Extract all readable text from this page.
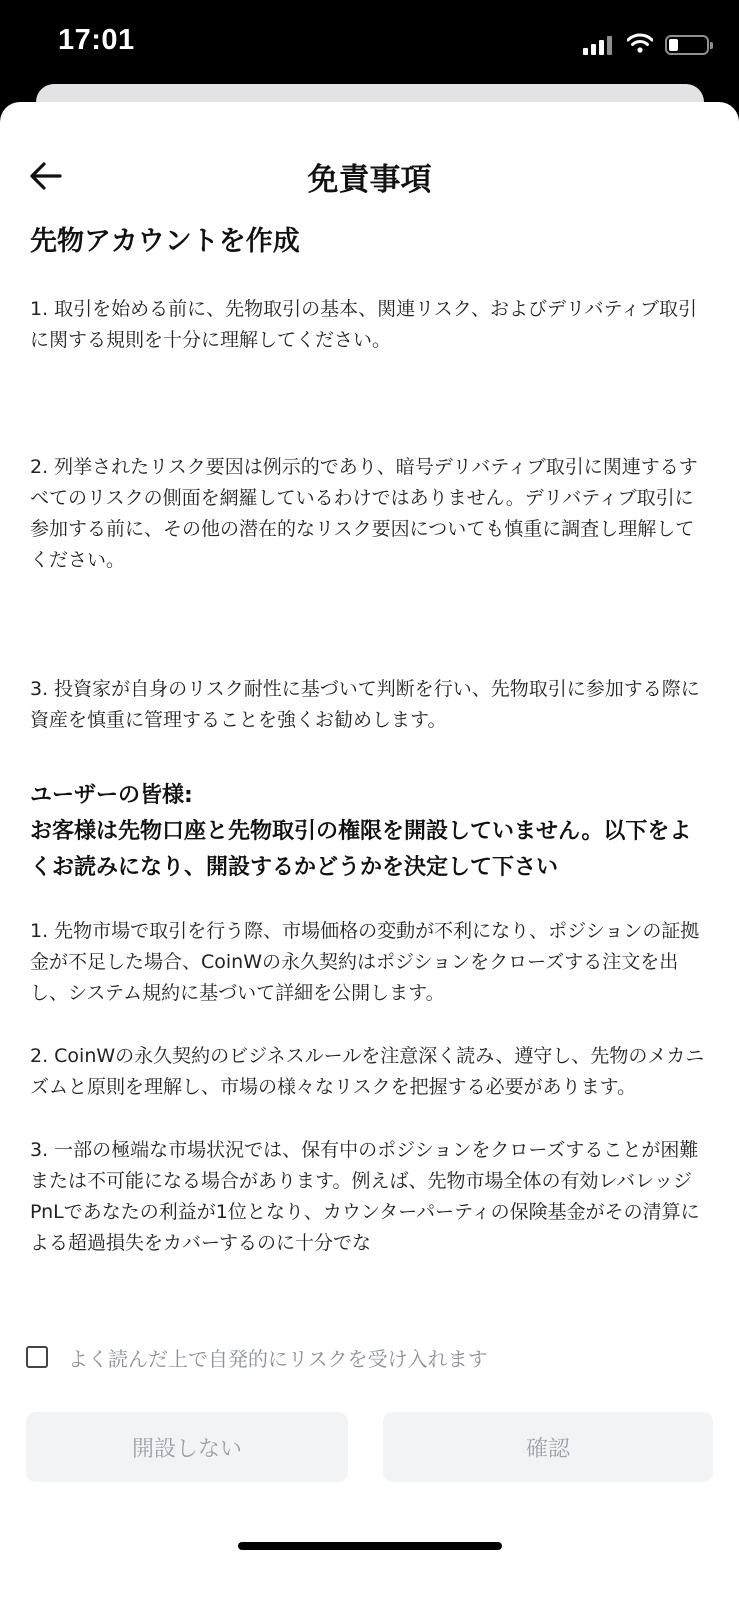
17:01
免責事項
先物アカウントを作成

1. 取引を始める前に、先物取引の基本、関連リスク、およびデリバティブ取引に関する規則を十分に理解してください。

2. 列挙されたリスク要因は例示的であり、暗号デリバティブ取引に関連するすべてのリスクの側面を網羅しているわけではありません。デリバティブ取引に参加する前に、その他の潜在的なリスク要因についても慎重に調査し理解してください。

3. 投資家が自身のリスク耐性に基づいて判断を行い、先物取引に参加する際に資産を慎重に管理することを強くお勧めします。

ユーザーの皆様:
お客様は先物口座と先物取引の権限を開設していません。以下をよくお読みになり、開設するかどうかを決定して下さい

1. 先物市場で取引を行う際、市場価格の変動が不利になり、ポジションの証拠金が不足した場合、CoinWの永久契約はポジションをクローズする注文を出し、システム規約に基づいて詳細を公開します。

2. CoinWの永久契約のビジネスルールを注意深く読み、遵守し、先物のメカニズムと原則を理解し、市場の様々なリスクを把握する必要があります。

3. 一部の極端な市場状況では、保有中のポジションをクローズすることが困難または不可能になる場合があります。例えば、先物市場全体の有効レバレッジPnLであなたの利益が1位となり、カウンターパーティの保険基金がその清算による超過損失をカバーするのに十分でな

よく読んだ上で自発的にリスクを受け入れます
開設しない	確認
